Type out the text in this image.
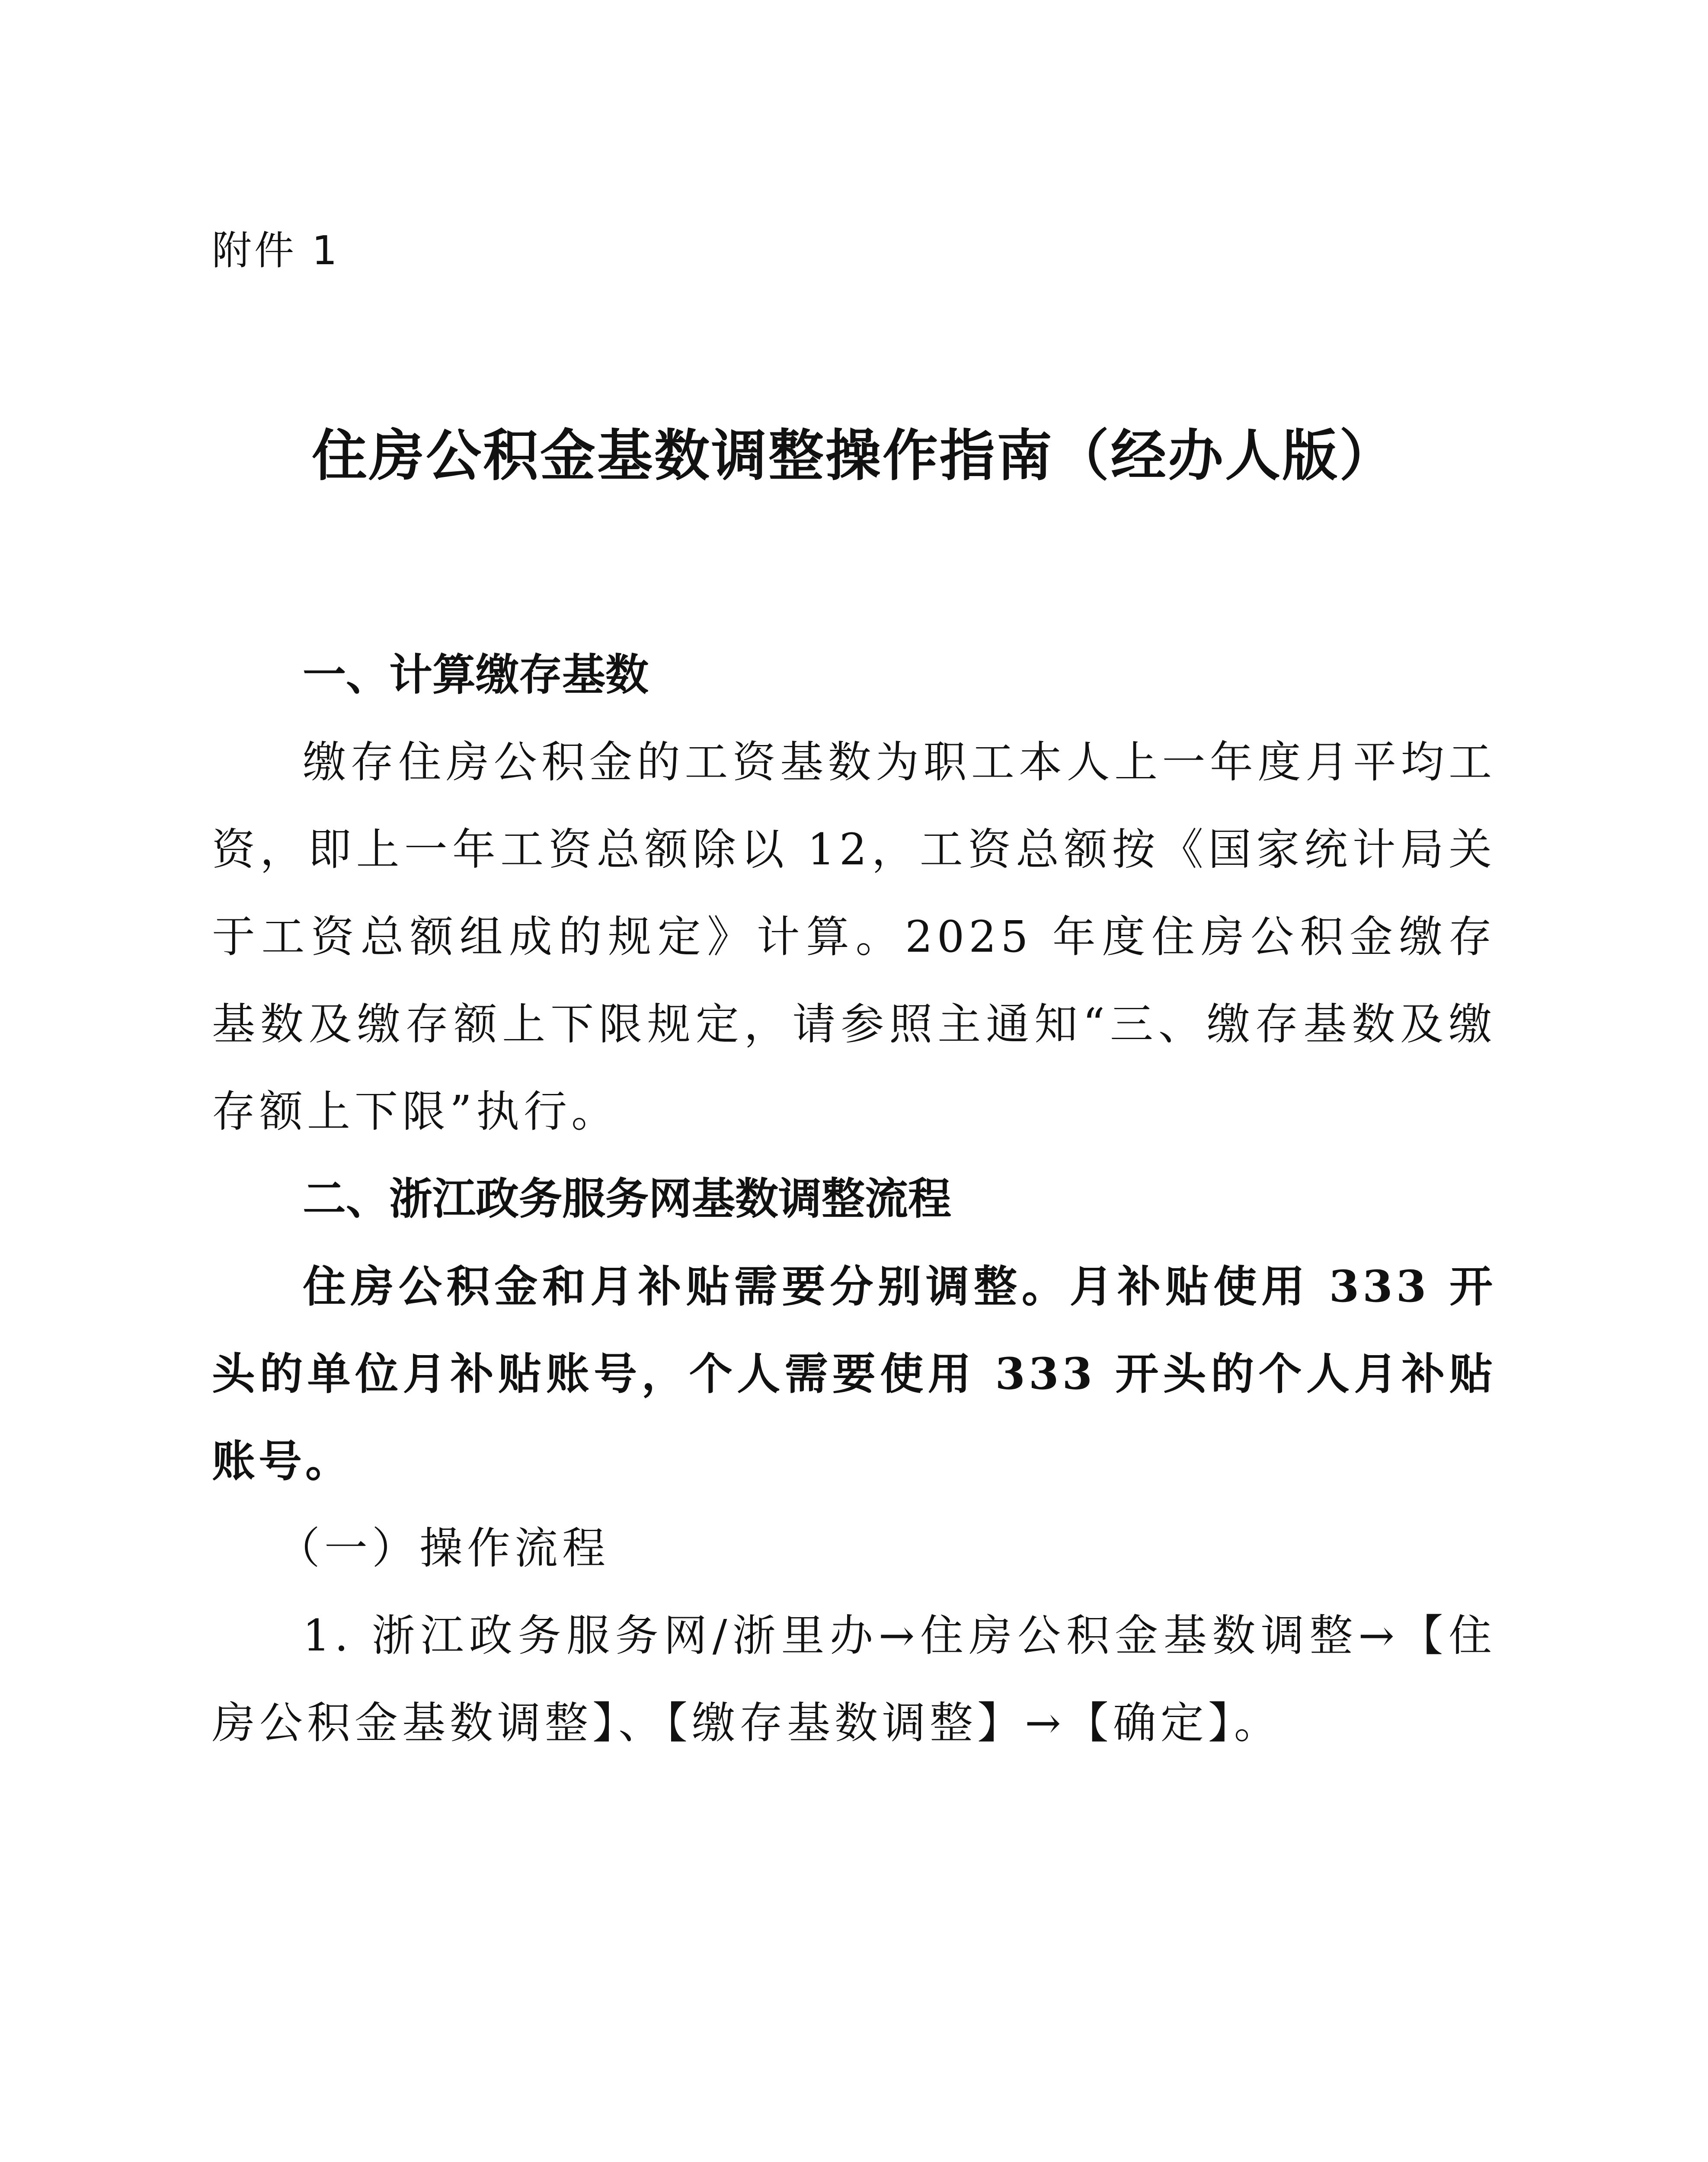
附件 1
住房公积金基数调整操作指南（经办人版）

一、计算缴存基数

缴存住房公积金的工资基数为职工本人上一年度月平均工资，即上一年工资总额除以 12，工资总额按《国家统计局关于工资总额组成的规定》计算。2025 年度住房公积金缴存基数及缴存额上下限规定，请参照主通知“三、缴存基数及缴存额上下限”执行。

二、浙江政务服务网基数调整流程

住房公积金和月补贴需要分别调整。月补贴使用 333 开头的单位月补贴账号，个人需要使用 333 开头的个人月补贴账号。

（一）操作流程

1. 浙江政务服务网/浙里办→住房公积金基数调整→【住房公积金基数调整】、【缴存基数调整】→【确定】。
